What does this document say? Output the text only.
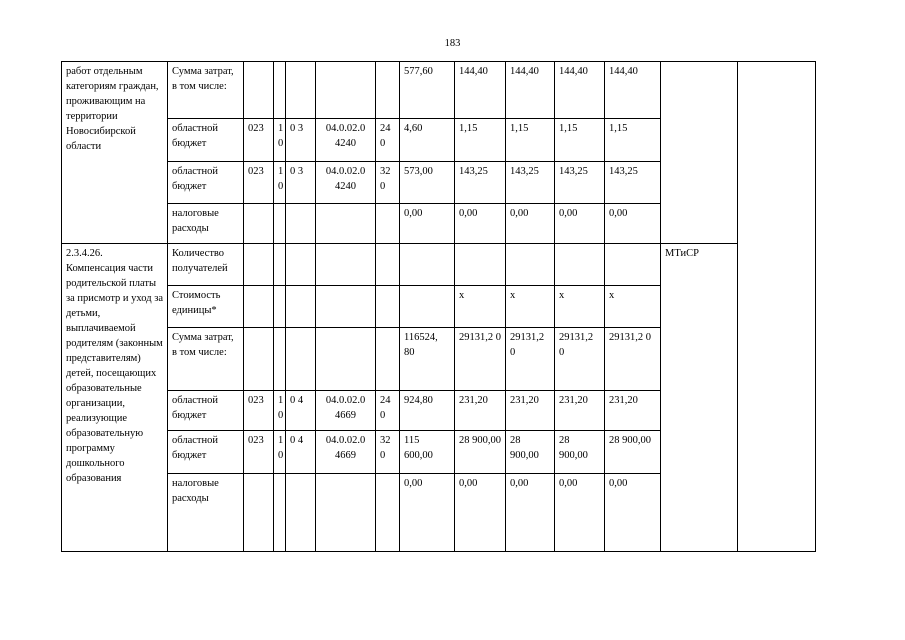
183
работ отдельным категориям граждан, проживающим на территории Новосибирской области	Сумма затрат, в том числе:						577,60	144,40	144,40	144,40	144,40		
	областной бюджет	023	1 0	0 3	04.0.02.0 4240	24 0	4,60	1,15	1,15	1,15	1,15		
	областной бюджет	023	1 0	0 3	04.0.02.0 4240	32 0	573,00	143,25	143,25	143,25	143,25		
	налоговые расходы						0,00	0,00	0,00	0,00	0,00		
2.3.4.26. Компенсация части родительской платы за присмотр и уход за детьми, выплачиваемой родителям (законным представителям) детей, посещающих образовательные организации, реализующие образовательную программу дошкольного образования	Количество получателей											МТиСР	
	Стоимость единицы*							х	х	х	х		
	Сумма затрат, в том числе:						116524, 80	29131,2 0	29131,2 0	29131,2 0	29131,2 0		
	областной бюджет	023	1 0	0 4	04.0.02.0 4669	24 0	924,80	231,20	231,20	231,20	231,20		
	областной бюджет	023	1 0	0 4	04.0.02.0 4669	32 0	115 600,00	28 900,00	28 900,00	28 900,00	28 900,00		
	налоговые расходы						0,00	0,00	0,00	0,00	0,00		
